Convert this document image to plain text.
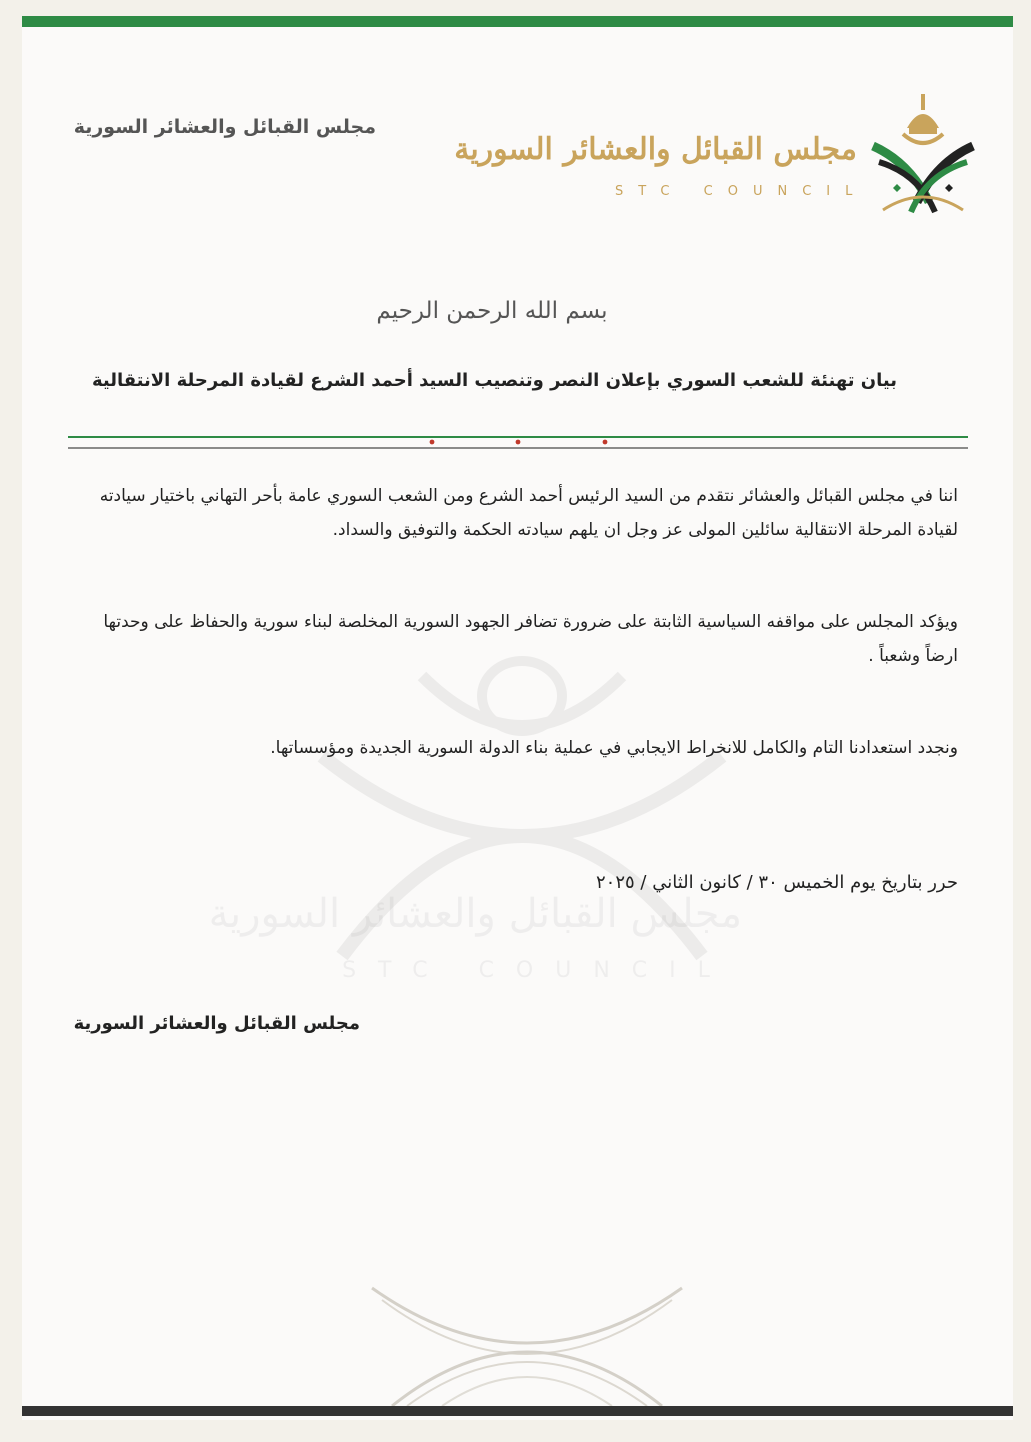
مجلس القبائل والعشائر السورية
STC COUNCIL
مجلس القبائل والعشائر السورية
مجلس القبائل والعشائر السورية
STC COUNCIL
بسم الله الرحمن الرحيم
بيان تهنئة للشعب السوري بإعلان النصر وتنصيب السيد أحمد الشرع لقيادة المرحلة الانتقالية
اننا في مجلس القبائل والعشائر نتقدم من السيد الرئيس أحمد الشرع ومن الشعب السوري عامة بأحر التهاني باختيار سيادته لقيادة المرحلة الانتقالية سائلين المولى عز وجل ان يلهم سيادته الحكمة والتوفيق والسداد.
ويؤكد المجلس على مواقفه السياسية الثابتة على ضرورة تضافر الجهود السورية المخلصة لبناء سورية والحفاظ على وحدتها ارضاً وشعباً .
ونجدد استعدادنا التام والكامل للانخراط الايجابي في عملية بناء الدولة السورية الجديدة ومؤسساتها.
حرر بتاريخ يوم الخميس ٣٠ / كانون الثاني / ٢٠٢٥
مجلس القبائل والعشائر السورية
